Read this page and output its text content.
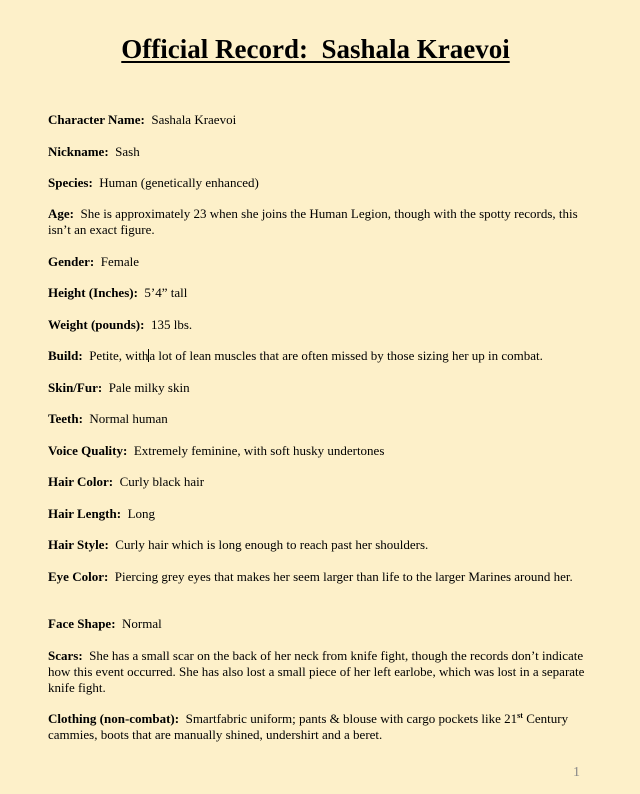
Official Record:  Sashala Kraevoi

Character Name: Sashala Kraevoi

Nickname: Sash

Species: Human (genetically enhanced)

Age: She is approximately 23 when she joins the Human Legion, though with the spotty records, this isn’t an exact figure.

Gender: Female

Height (Inches): 5’4” tall

Weight (pounds): 135 lbs.

Build: Petite, witha lot of lean muscles that are often missed by those sizing her up in combat.

Skin/Fur: Pale milky skin

Teeth: Normal human

Voice Quality: Extremely feminine, with soft husky undertones

Hair Color: Curly black hair

Hair Length: Long

Hair Style: Curly hair which is long enough to reach past her shoulders.

Eye Color: Piercing grey eyes that makes her seem larger than life to the larger Marines around her.

Face Shape: Normal

Scars: She has a small scar on the back of her neck from knife fight, though the records don’t indicate how this event occurred. She has also lost a small piece of her left earlobe, which was lost in a separate knife fight.

Clothing (non-combat): Smartfabric uniform; pants & blouse with cargo pockets like 21st Century cammies, boots that are manually shined, undershirt and a beret.

1
